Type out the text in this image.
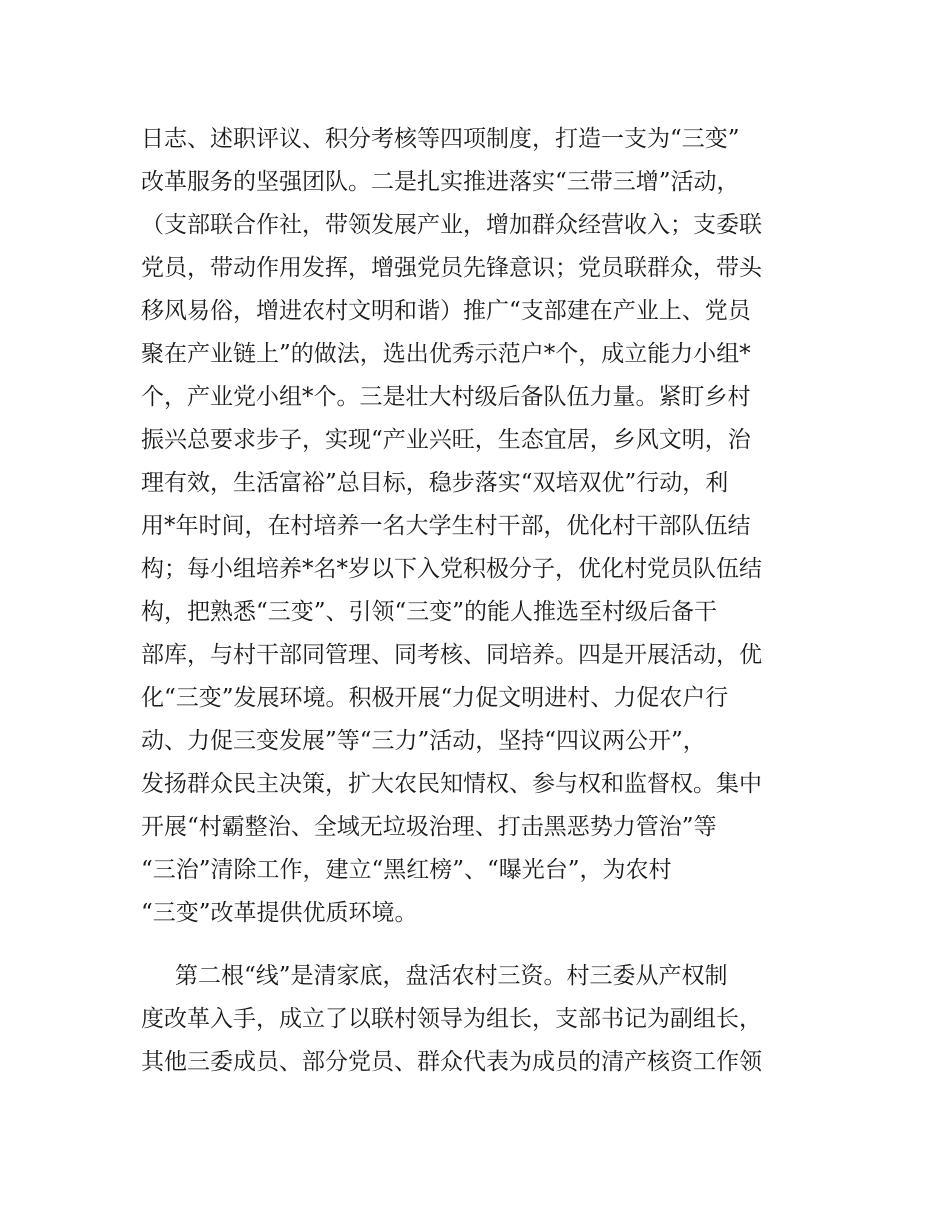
日志、述职评议、积分考核等四项制度，打造一支为“三变”
改革服务的坚强团队。二是扎实推进落实“三带三增”活动，
（支部联合作社，带领发展产业，增加群众经营收入；支委联
党员，带动作用发挥，增强党员先锋意识；党员联群众，带头
移风易俗，增进农村文明和谐）推广“支部建在产业上、党员
聚在产业链上”的做法，选出优秀示范户*个，成立能力小组*
个，产业党小组*个。三是壮大村级后备队伍力量。紧盯乡村
振兴总要求步子，实现“产业兴旺，生态宜居，乡风文明，治
理有效，生活富裕”总目标，稳步落实“双培双优”行动，利
用*年时间，在村培养一名大学生村干部，优化村干部队伍结
构；每小组培养*名*岁以下入党积极分子，优化村党员队伍结
构，把熟悉“三变”、引领“三变”的能人推选至村级后备干
部库，与村干部同管理、同考核、同培养。四是开展活动，优
化“三变”发展环境。积极开展“力促文明进村、力促农户行
动、力促三变发展”等“三力”活动，坚持“四议两公开”，
发扬群众民主决策，扩大农民知情权、参与权和监督权。集中
开展“村霸整治、全域无垃圾治理、打击黑恶势力管治”等
“三治”清除工作，建立“黑红榜”、“曝光台”，为农村
“三变”改革提供优质环境。
第二根“线”是清家底，盘活农村三资。村三委从产权制
度改革入手，成立了以联村领导为组长，支部书记为副组长，
其他三委成员、部分党员、群众代表为成员的清产核资工作领
